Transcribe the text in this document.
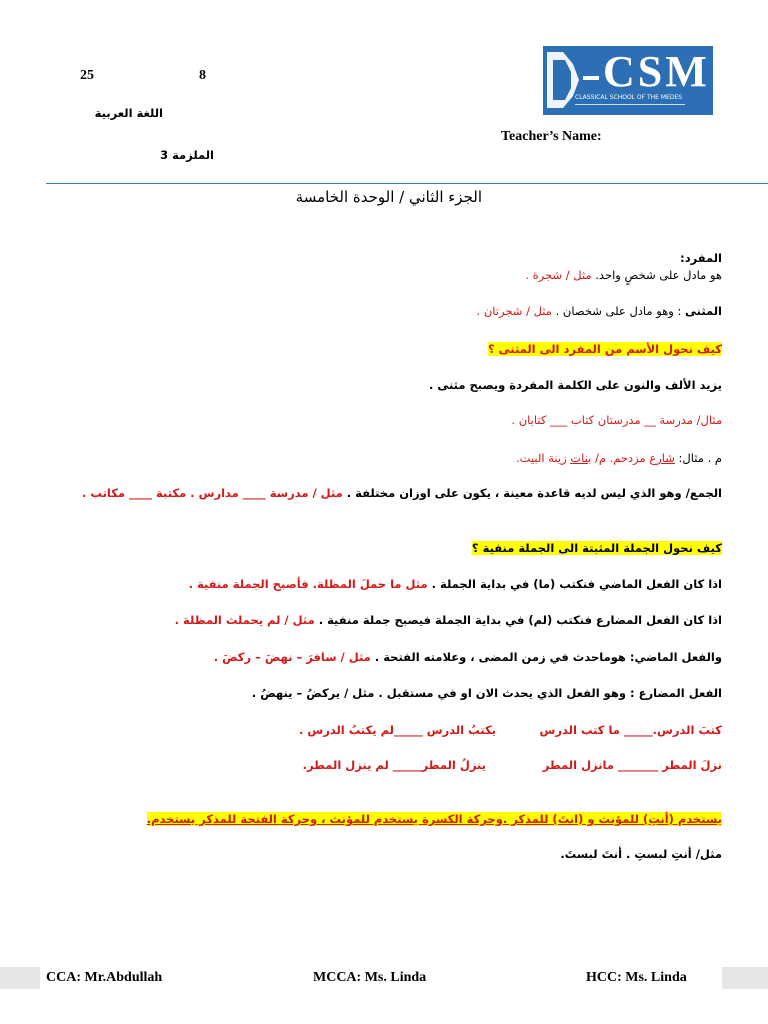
25	8
اللغة العربية
Teacher’s Name:
الملزمة 3
CSM
CLASSICAL SCHOOL OF THE MEDES
الجزء الثاني / الوحدة الخامسة
المفرد:
هو مادل على شخصٍ واحد. مثل / شجرة .
المثنى : وهو مادل على شخصان . مثل / شجرتان .
كيف نحول الأسم من المفرد الى المثنى ؟
يزيد الألف والنون على الكلمة المفردة ويصبح مثنى .
مثال/ مدرسة __ مدرستان كتاب ___ كتابان .
م . مثال: شارع مزدحم. م/ بنات زينة البيت.
الجمع/ وهو الذي ليس لديه قاعدة معينة ، يكون على اوزان مختلفة . مثل / مدرسة ____ مدارس . مكتبة ____ مكاتب .
كيف نحول الجملة المثبتة الى الجملة منفية ؟
اذا كان الفعل الماضي فنكتب (ما) في بداية الجملة . مثل ما حملَ المظلة. فأصبح الجملة منفية .
اذا كان الفعل المضارع فنكتب (لم) في بداية الجملة فيصبح جملة منفية . مثل / لم يحملث المظلة .
والفعل الماضي: هوماحدث في زمن المضى ، وعلامته الفتحة . مثل / سافرَ – نهضَ – ركضَ .
الفعل المضارع : وهو الفعل الذي يحدث الان او في مستقبل . مثل / يركضُ – ينهضُ .
كتبَ الدرس._____ ما كتب الدرس
يكتبُ الدرس _____لم يكتبُ الدرس .
نزلَ المطر _______ مانزل المطر
ينزلُ المطر_____ لم ينزل المطر.
يستخدم (أنتِ) للمؤنث و (انتَ) للمذكر .وحركة الكسرة يستخدم للمؤنث ، وحركة الفتحة للمذكر يستخدم.
مثل/ أنتِ لبستِ . أنتَ لبستَ.
CCA: Mr.Abdullah	MCCA: Ms. Linda	HCC: Ms. Linda
